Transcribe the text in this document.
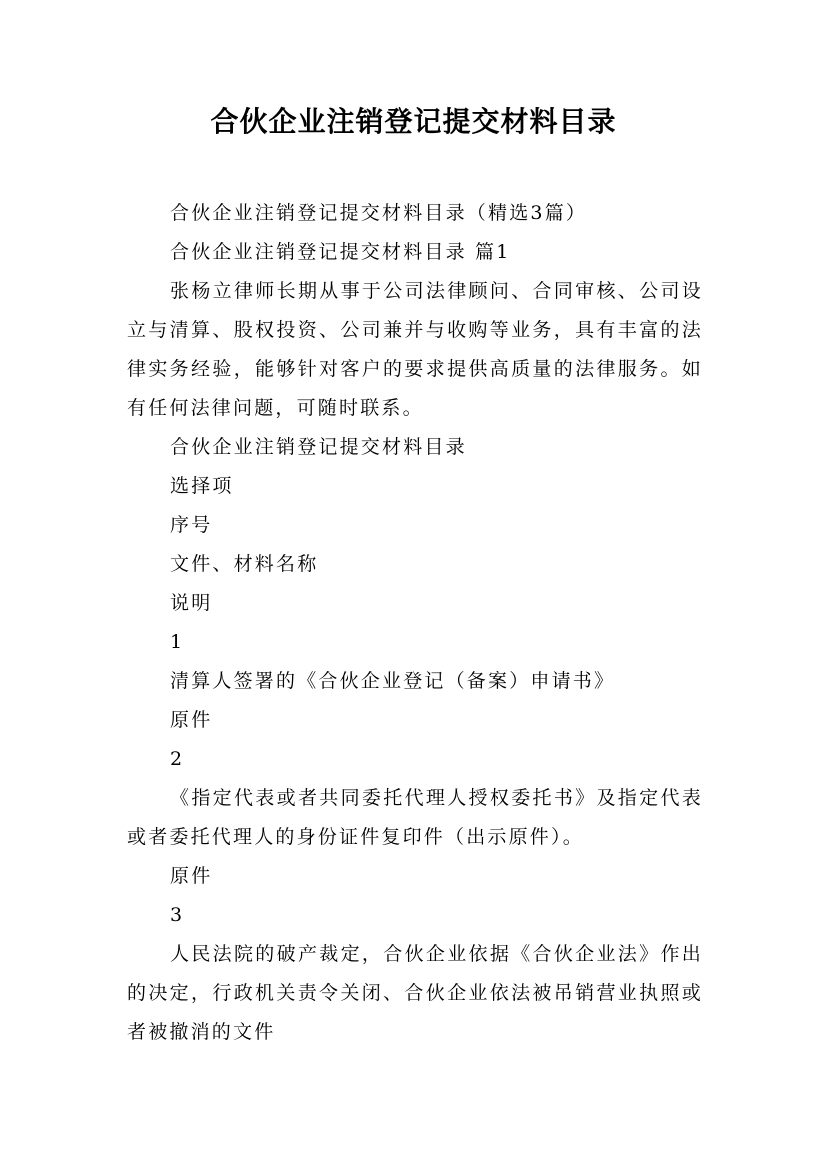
合伙企业注销登记提交材料目录

合伙企业注销登记提交材料目录（精选3篇）

合伙企业注销登记提交材料目录 篇1

张杨立律师长期从事于公司法律顾问、合同审核、公司设立与清算、股权投资、公司兼并与收购等业务，具有丰富的法律实务经验，能够针对客户的要求提供高质量的法律服务。如有任何法律问题，可随时联系。

合伙企业注销登记提交材料目录

选择项

序号

文件、材料名称

说明

1

清算人签署的《合伙企业登记（备案）申请书》

原件

2

《指定代表或者共同委托代理人授权委托书》及指定代表或者委托代理人的身份证件复印件（出示原件）。

原件

3

人民法院的破产裁定，合伙企业依据《合伙企业法》作出的决定，行政机关责令关闭、合伙企业依法被吊销营业执照或者被撤消的文件
